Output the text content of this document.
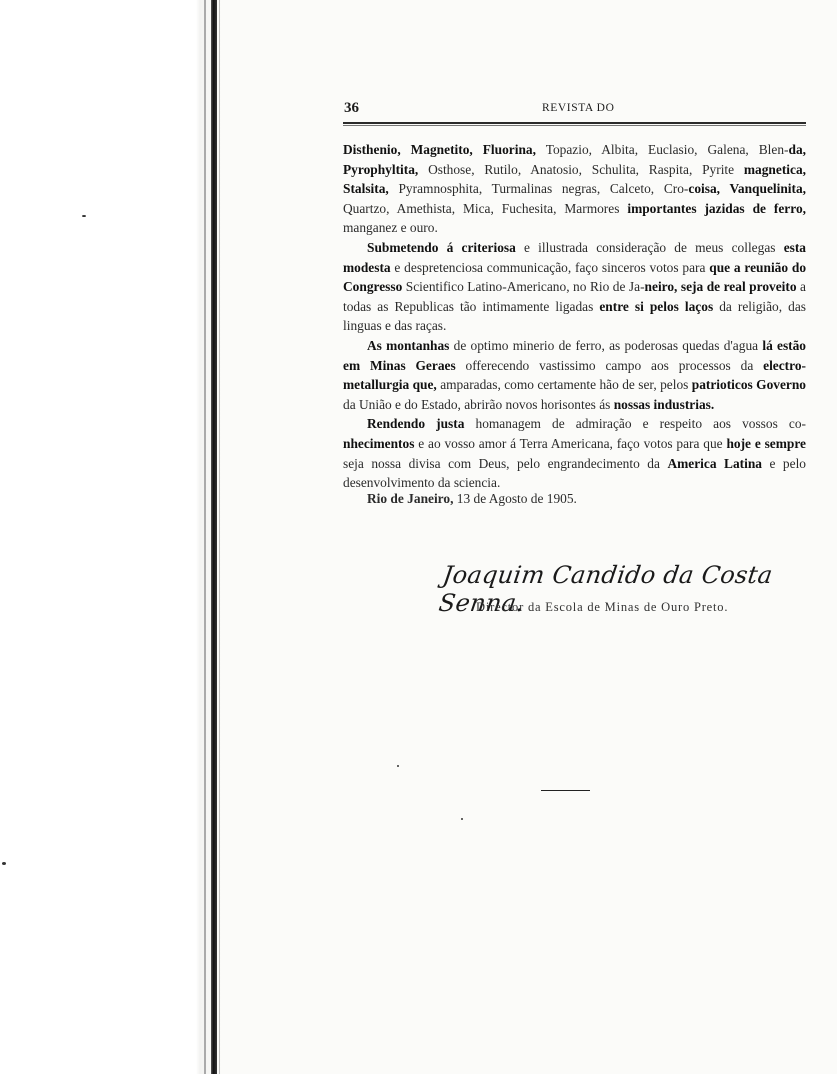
36	REVISTA DO

Disthenio, Magnetito, Fluorina, Topazio, Albita, Euclasio, Galena, Blen-da, Pyrophyltita, Osthose, Rutilo, Anatosio, Schulita, Raspita, Pyrite magnetica, Stalsita, Pyramnosphita, Turmalinas negras, Calceto, Cro-coisa, Vanquelinita, Quartzo, Amethista, Mica, Fuchesita, Marmores importantes jazidas de ferro, manganez e ouro.

Submetendo á criteriosa e illustrada consideração de meus collegas esta modesta e despretenciosa communicação, faço sinceros votos para que a reunião do Congresso Scientifico Latino-Americano, no Rio de Ja-neiro, seja de real proveito a todas as Republicas tão intimamente ligadas entre si pelos laços da religião, das linguas e das raças.

As montanhas de optimo minerio de ferro, as poderosas quedas d'agua lá estão em Minas Geraes offerecendo vastissimo campo aos processos da electro-metallurgia que, amparadas, como certamente hão de ser, pelos patrioticos Governo da União e do Estado, abrirão novos horisontes ás nossas industrias.

Rendendo justa homanagem de admiração e respeito aos vossos co-nhecimentos e ao vosso amor á Terra Americana, faço votos para que hoje e sempre seja nossa divisa com Deus, pelo engrandecimento da America Latina e pelo desenvolvimento da sciencia.

Rio de Janeiro, 13 de Agosto de 1905.
Joaquim Candido da Costa Senna.
Director da Escola de Minas de Ouro Preto.
